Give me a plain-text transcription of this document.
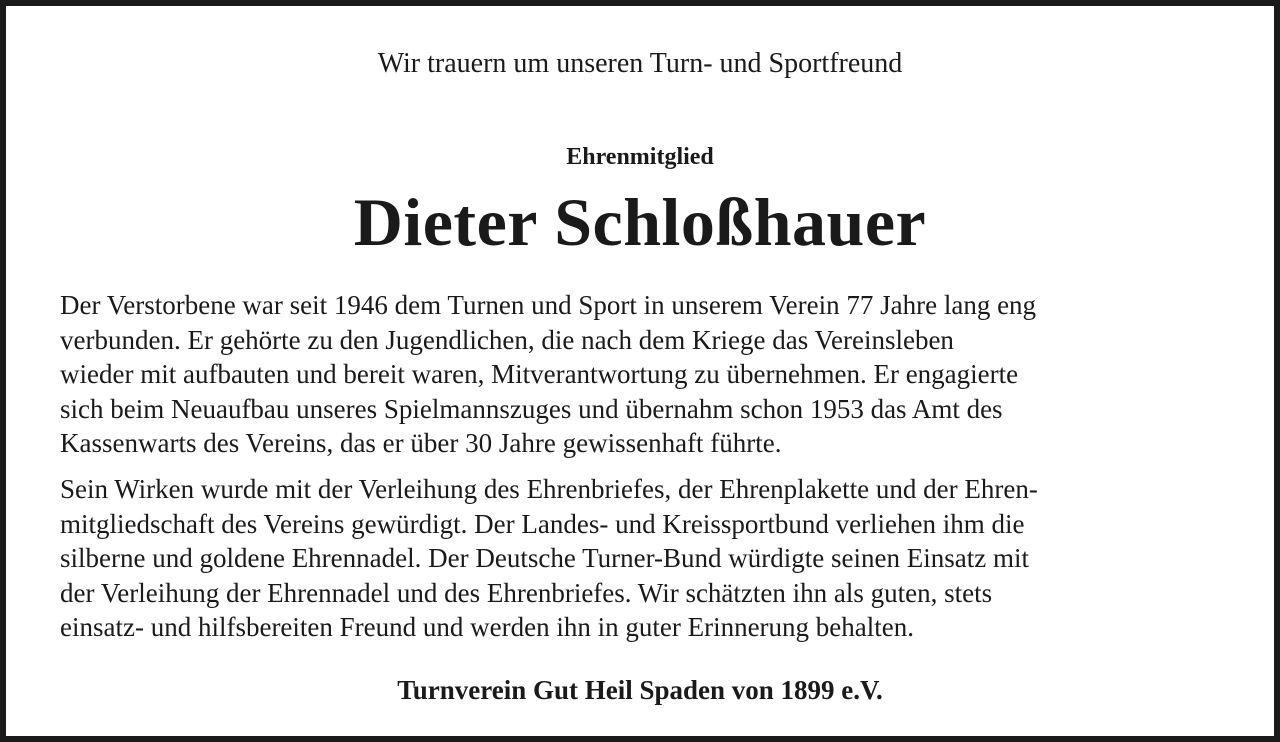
Wir trauern um unseren Turn- und Sportfreund
Ehrenmitglied
Dieter Schloßhauer
Der Verstorbene war seit 1946 dem Turnen und Sport in unserem Verein 77 Jahre lang eng
verbunden. Er gehörte zu den Jugendlichen, die nach dem Kriege das Vereinsleben
wieder mit aufbauten und bereit waren, Mitverantwortung zu übernehmen. Er engagierte
sich beim Neuaufbau unseres Spielmannszuges und übernahm schon 1953 das Amt des
Kassenwarts des Vereins, das er über 30 Jahre gewissenhaft führte.
Sein Wirken wurde mit der Verleihung des Ehrenbriefes, der Ehrenplakette und der Ehren-
mitgliedschaft des Vereins gewürdigt. Der Landes- und Kreissportbund verliehen ihm die
silberne und goldene Ehrennadel. Der Deutsche Turner-Bund würdigte seinen Einsatz mit
der Verleihung der Ehrennadel und des Ehrenbriefes. Wir schätzten ihn als guten, stets
einsatz- und hilfsbereiten Freund und werden ihn in guter Erinnerung behalten.
Turnverein Gut Heil Spaden von 1899 e.V.
